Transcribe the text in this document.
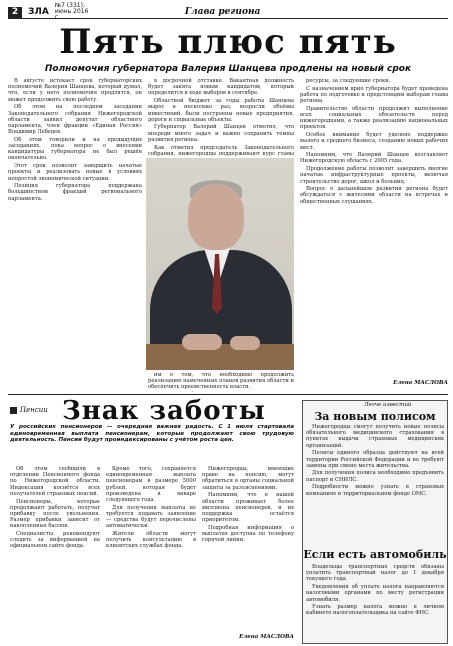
2	ЗЛА
№7 (331), июнь 2016 г.
Глава региона
Пять плюс пять
Полномочия губернатора Валерия Шанцева продлены на новый срок

В августе истекает срок губернаторских полномочий Валерия Шанцева, который думал, что, если у него полномочия продлятся, он может продолжить свою работу.

Об этом на последнем заседании Законодательного собрания Нижегородской области заявил депутат областного парламента, член фракции «Единая Россия» Владимир Лебедев.

Об этом говорили и на предыдущих заседаниях, пока вопрос о внесении кандидатуры губернатора не был решён окончательно.

Этот срок позволит завершить начатые проекты и реализовать новые в условиях непростой экономической ситуации.

Позиция губернатора поддержана большинством фракций регионального парламента.

в досрочной отставке. Вакантная должность будет занята новым кандидатом, который определится в ходе выборов в сентябре.

Областной бюджет за годы работы Шанцева вырос в несколько раз, возросли объёмы инвестиций, были построены новые предприятия, дороги и социальные объекты.

Губернатор Валерий Шанцев отметил, что впереди много задач и важно сохранить темпы развития региона.

Как отметил председатель Законодательного собрания, нижегородцы поддерживают курс главы

им о том, что необходимо продолжить реализацию намеченных планов развития области и обеспечить преемственность власти.

ресурсы, за следующие сроки.

С назначением врио губернатора будет проведена работа по подготовке к предстоящим выборам главы региона.

Правительство области продолжит выполнение всех социальных обязательств перед нижегородцами, а также реализацию национальных проектов.

Особое внимание будет уделено поддержке малого и среднего бизнеса, созданию новых рабочих мест.

Напомним, что Валерий Шанцев возглавляет Нижегородскую область с 2005 года.

Продолжение работы позволит завершить многие начатые инфраструктурные проекты, включая строительство дорог, школ и больниц.

Вопрос о дальнейшем развитии региона будет обсуждаться с жителями области на встречах и общественных слушаниях.

Елена МАСЛОВА
Пенсии Знак заботы
У российских пенсионеров — очередная важная радость. С 1 июля стартовала единовременная выплата пенсионерам, которые продолжают свою трудовую деятельность. Пенсии будут проиндексированы с учётом роста цен.

Об этом сообщили в отделении Пенсионного фонда по Нижегородской области. Индексация коснётся всех получателей страховых пенсий.

Пенсионеры, которые продолжают работать, получат прибавку после увольнения. Размер прибавки зависит от накопленных баллов.

Специалисты рекомендуют следить за информацией на официальном сайте фонда.

Кроме того, сохраняется единовременная выплата пенсионерам в размере 5000 рублей, которая будет произведена в январе следующего года.

Для получения выплаты не требуется подавать заявление — средства будут перечислены автоматически.

Жители области могут получить консультацию в клиентских службах фонда.

Нижегородцы, имеющие право на пенсию, могут обратиться в органы социальной защиты за разъяснениями.

Напомним, что в нашей области проживает более миллиона пенсионеров, и их поддержка остаётся приоритетом.

Подробная информация о выплатах доступна по телефону горячей линии.

Елена МАСЛОВА
Легче известий
За новым полисом

Нижегородцы смогут получить новые полисы обязательного медицинского страхования в пунктах выдачи страховых медицинских организаций.

Полисы единого образца действуют на всей территории Российской Федерации и не требуют замены при смене места жительства.

Для получения полиса необходимо предъявить паспорт и СНИЛС.

Подробности можно узнать в страховых компаниях и территориальном фонде ОМС.

Если есть автомобиль

Владельцы транспортных средств обязаны уплатить транспортный налог до 1 декабря текущего года.

Уведомления об уплате налога направляются налоговыми органами по месту регистрации автомобиля.

Узнать размер налога можно в личном кабинете налогоплательщика на сайте ФНС.
